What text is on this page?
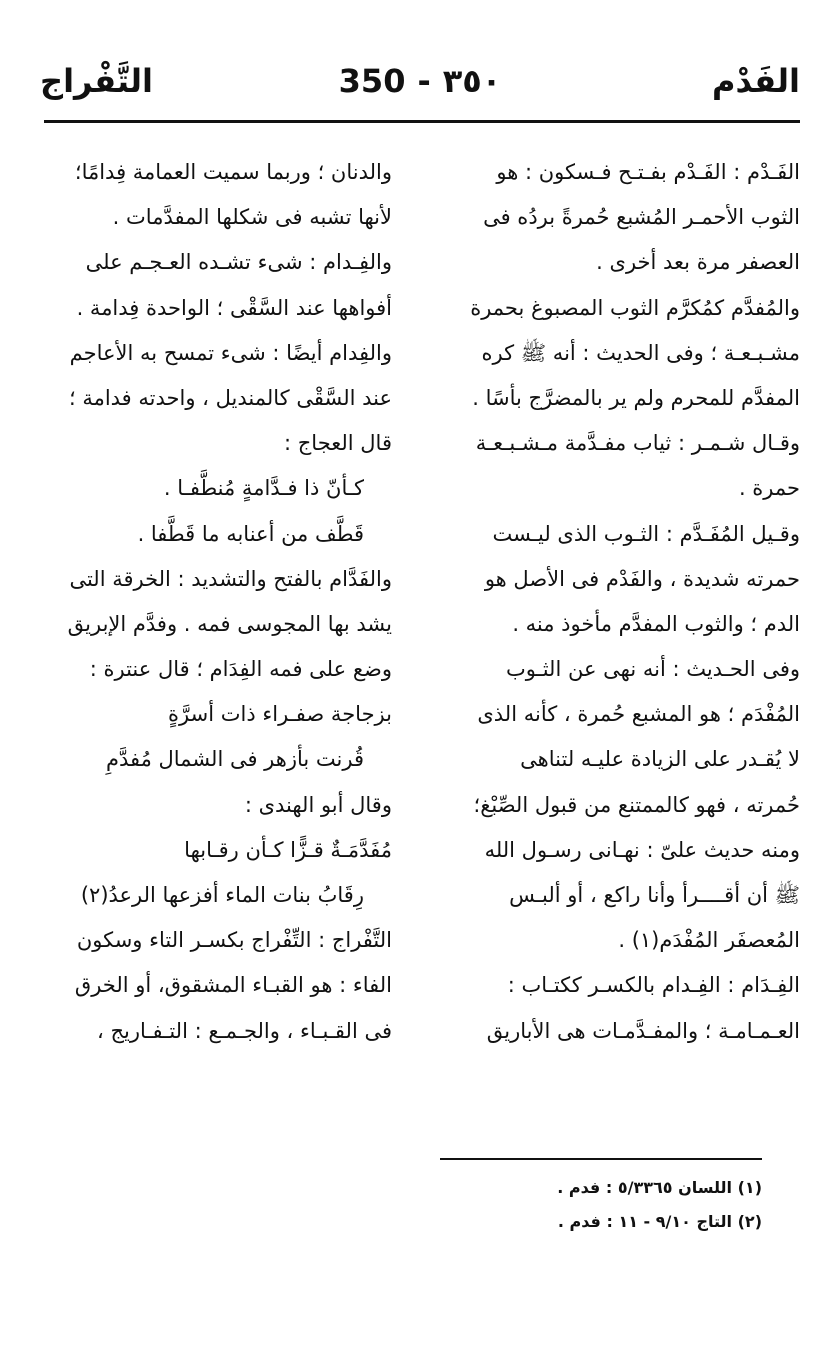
الفَدْم
350 - ٣٥٠
التَّفْراج
الفَـدْم : الفَـدْم بفـتـح فـسكون : هو
الثوب الأحمـر المُشبع حُمرةً بردُه فى
العصفر مرة بعد أخرى .
والمُفدَّم كمُكرَّم الثوب المصبوغ بحمرة
مشـبـعـة ؛ وفى الحديث : أنه ﷺ كره
المفدَّم للمحرم ولم ير بالمضرَّج بأسًا .
وقـال شـمـر : ثياب مفـدَّمة مـشـبـعـة
حمرة .
وقـيل المُفَـدَّم : الثـوب الذى ليـست
حمرته شديدة ، والفَدْم فى الأصل هو
الدم ؛ والثوب المفدَّم مأخوذ منه .
وفى الحـديث : أنه نهى عن الثـوب
المُفْدَم ؛ هو المشبع حُمرة ، كأنه الذى
لا يُقـدر على الزيادة عليـه لتناهى
حُمرته ، فهو كالممتنع من قبول الصِّبْغ؛
ومنه حديث علىّ : نهـانى رسـول الله
ﷺ أن أقــــرأ وأنا راكع ، أو ألبـس
المُعصفَر المُفْدَم(١) .
الفِـدَام : الفِـدام بالكسـر ككتـاب :
العـمـامـة ؛ والمفـدَّمـات هى الأباريق
والدنان ؛ وربما سميت العمامة فِدامًا؛
لأنها تشبه فى شكلها المفدَّمات .
والفِـدام : شىء تشـده العـجـم على
أفواهها عند السَّقْى ؛ الواحدة فِدامة .
والفِدام أيضًا : شىء تمسح به الأعاجم
عند السَّقْى كالمنديل ، واحدته فدامة ؛
قال العجاج :
كـأنّ ذا فـدَّامةٍ مُنطَّفـا .
قَطَّف من أعنابه ما قَطَّفا .
والفَدَّام بالفتح والتشديد : الخرقة التى
يشد بها المجوسى فمه . وفدَّم الإبريق
وضع على فمه الفِدَام ؛ قال عنترة :
بزجاجة صفـراء ذات أسرَّةٍ
قُرنت بأزهر فى الشمال مُفدَّمِ
وقال أبو الهندى :
مُفَدَّمَـةٌ قـزًّا كـأن رقـابها
رِقَابُ بنات الماء أفزعها الرعدُ(٢)
التَّفْراج : التِّفْراج بكسـر التاء وسكون
الفاء : هو القبـاء المشقوق، أو الخرق
فى القـبـاء ، والجـمـع : التـفـاريج ،
(١) اللسان ٥/٣٣٦٥ : فدم .
(٢) التاج ٩/١٠ - ١١ : فدم .
